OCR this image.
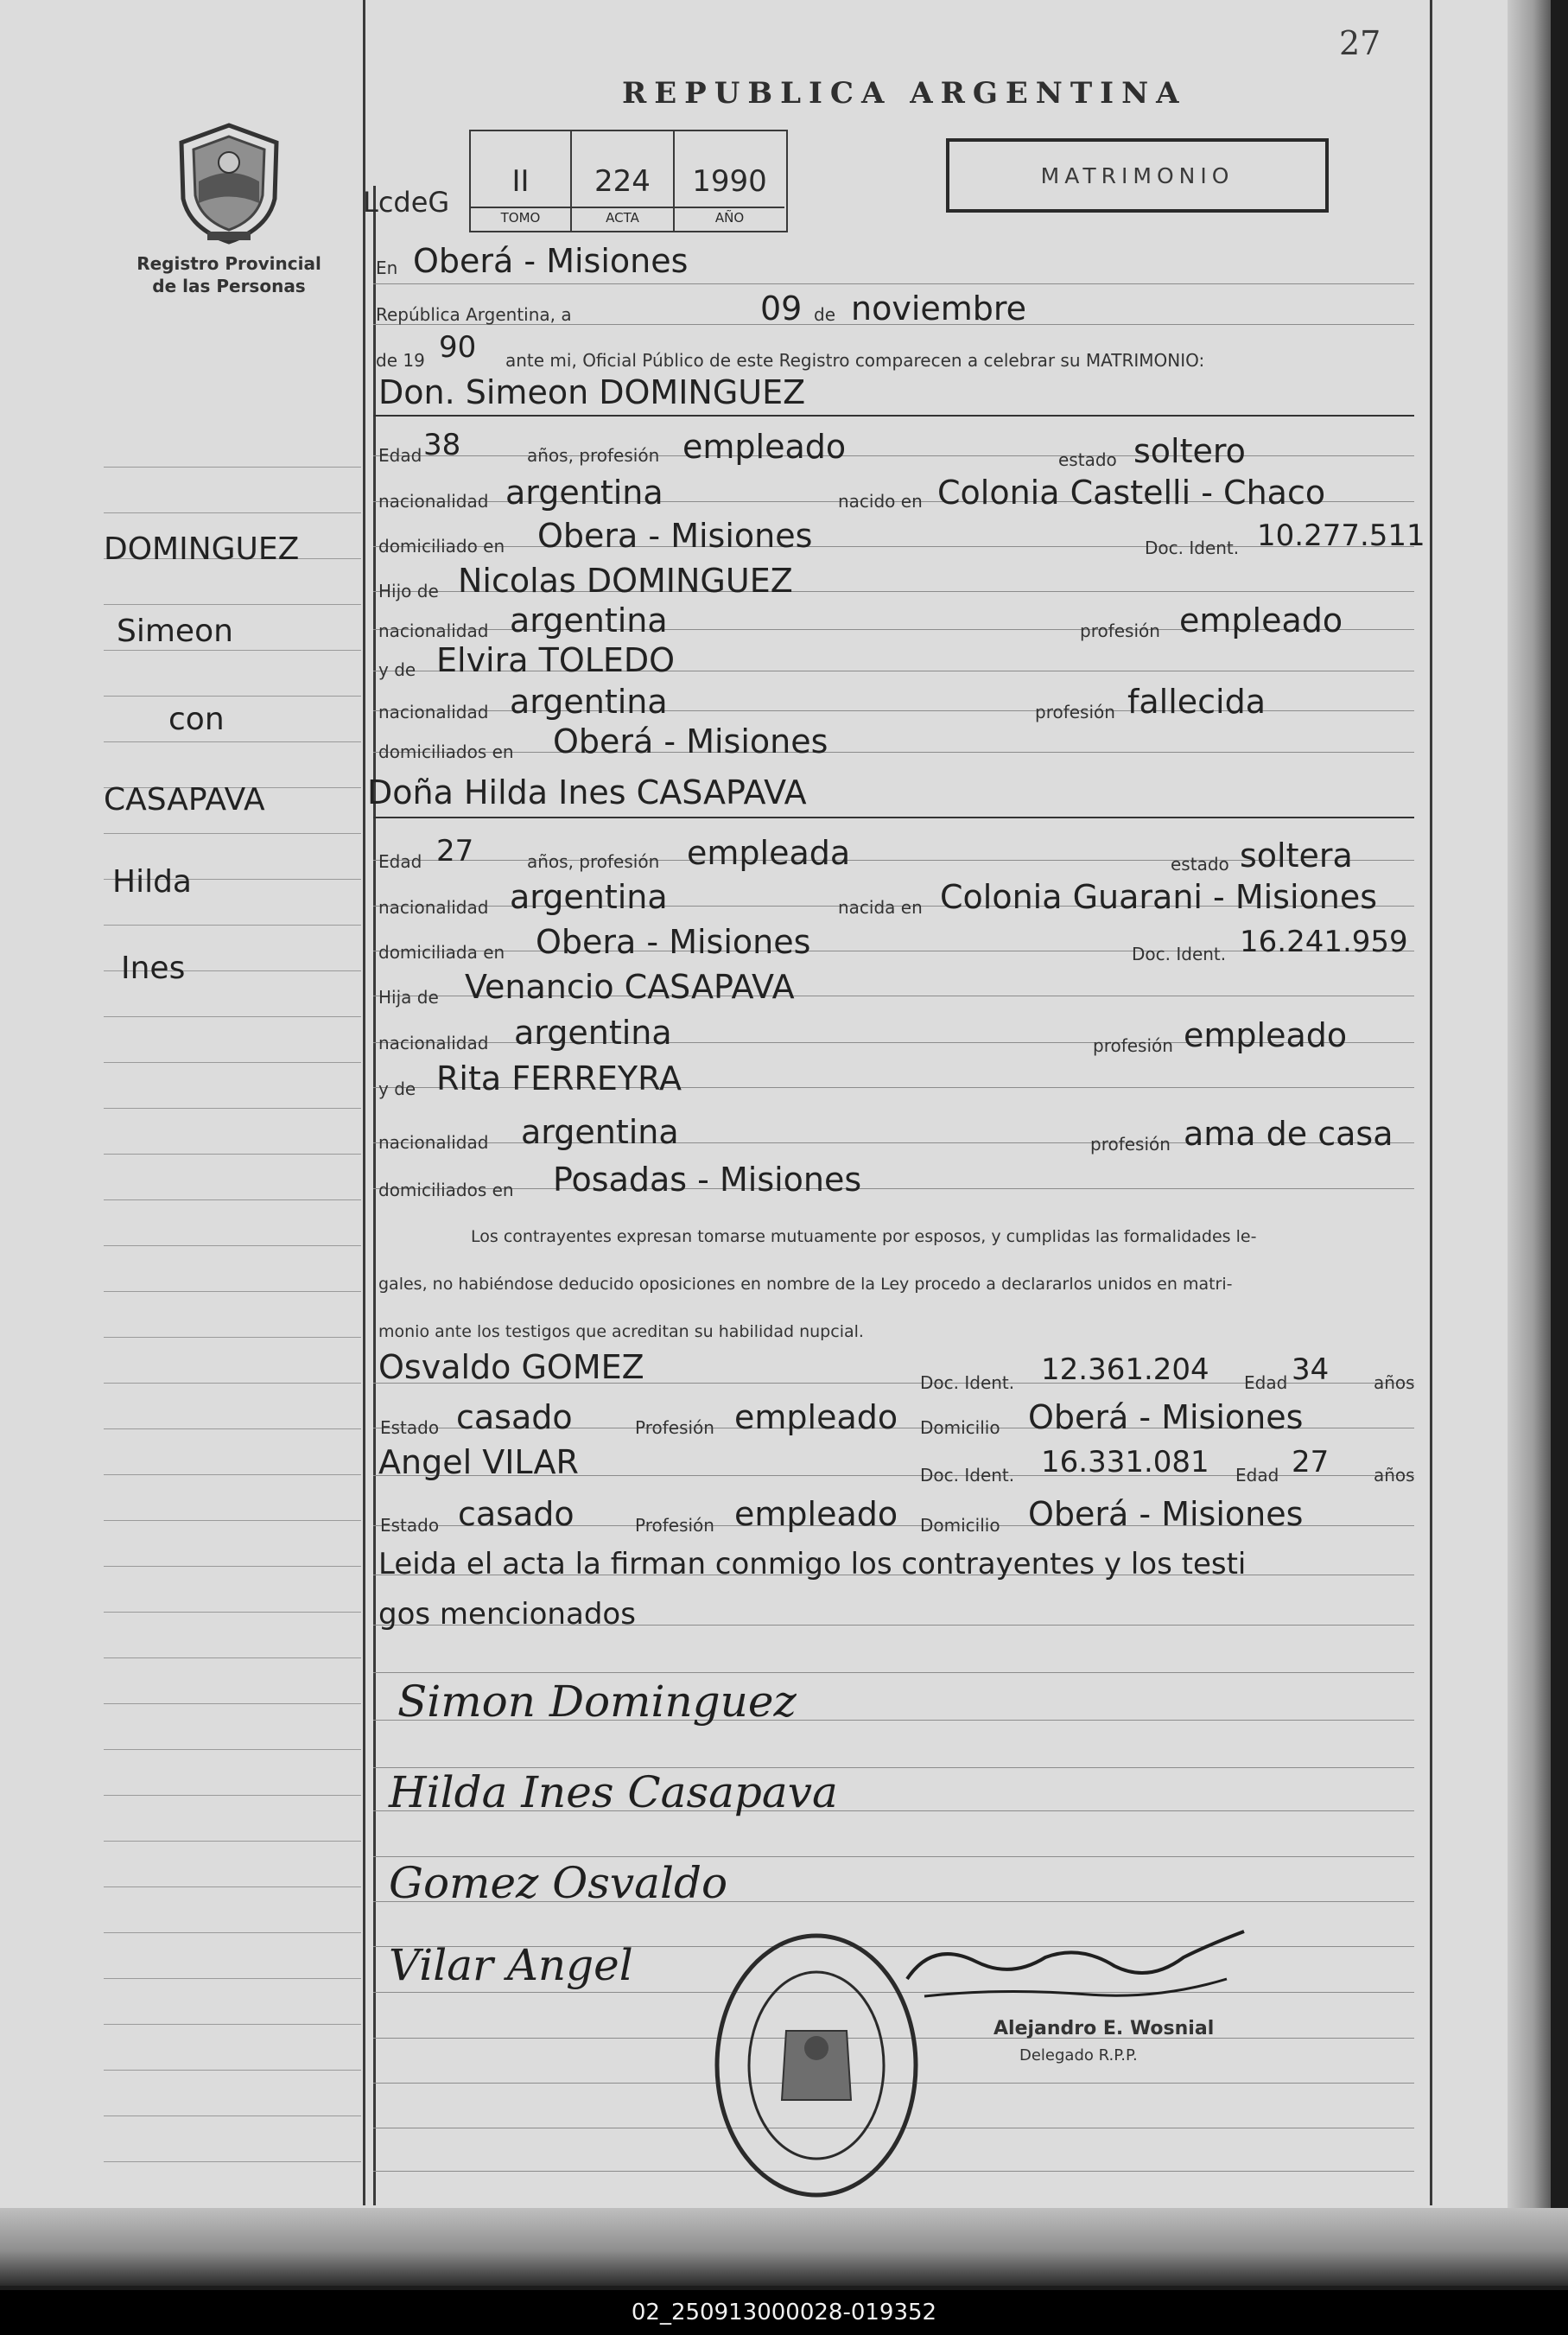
02_250913000028-019352
27
Registro Provincial
de las Personas
REPUBLICA ARGENTINA
MATRIMONIO
LcdeG
II
TOMO
224
ACTA
1990
AÑO
DOMINGUEZ
Simeon
con
CASAPAVA
Hilda
Ines
En Oberá - Misiones
República Argentina, a	09 de noviembre
de 19 90 ante mi, Oficial Público de este Registro comparecen a celebrar su MATRIMONIO:
Don. Simeon DOMINGUEZ
Edad 38	años, profesión empleado	estado soltero
nacionalidad argentina	nacido en Colonia Castelli - Chaco
domiciliado en Obera - Misiones	Doc. Ident. 10.277.511
Hijo de Nicolas DOMINGUEZ
nacionalidad argentina	profesión empleado
y de Elvira TOLEDO
nacionalidad argentina	profesión fallecida
domiciliados en Oberá - Misiones
Doña Hilda Ines CASAPAVA
Edad 27	años, profesión empleada	estado soltera
nacionalidad argentina	nacida en Colonia Guarani - Misiones
domiciliada en Obera - Misiones	Doc. Ident. 16.241.959
Hija de Venancio CASAPAVA
nacionalidad argentina	profesión empleado
y de Rita FERREYRA
nacionalidad argentina	profesión ama de casa
domiciliados en Posadas - Misiones
Los contrayentes expresan tomarse mutuamente por esposos, y cumplidas las formalidades le-
gales, no habiéndose deducido oposiciones en nombre de la Ley procedo a declararlos unidos en matri-
monio ante los testigos que acreditan su habilidad nupcial.
Osvaldo GOMEZ	Doc. Ident. 12.361.204 Edad 34	años
Estado casado	Profesión empleado Domicilio Oberá - Misiones
Angel VILAR	Doc. Ident. 16.331.081 Edad 27	años
Estado casado	Profesión empleado Domicilio Oberá - Misiones
Leida el acta la firman conmigo los contrayentes y los testi
gos mencionados
Simon Dominguez
Hilda Ines Casapava
Gomez Osvaldo
Vilar Angel
Alejandro E. Wosnial
Delegado R.P.P.
